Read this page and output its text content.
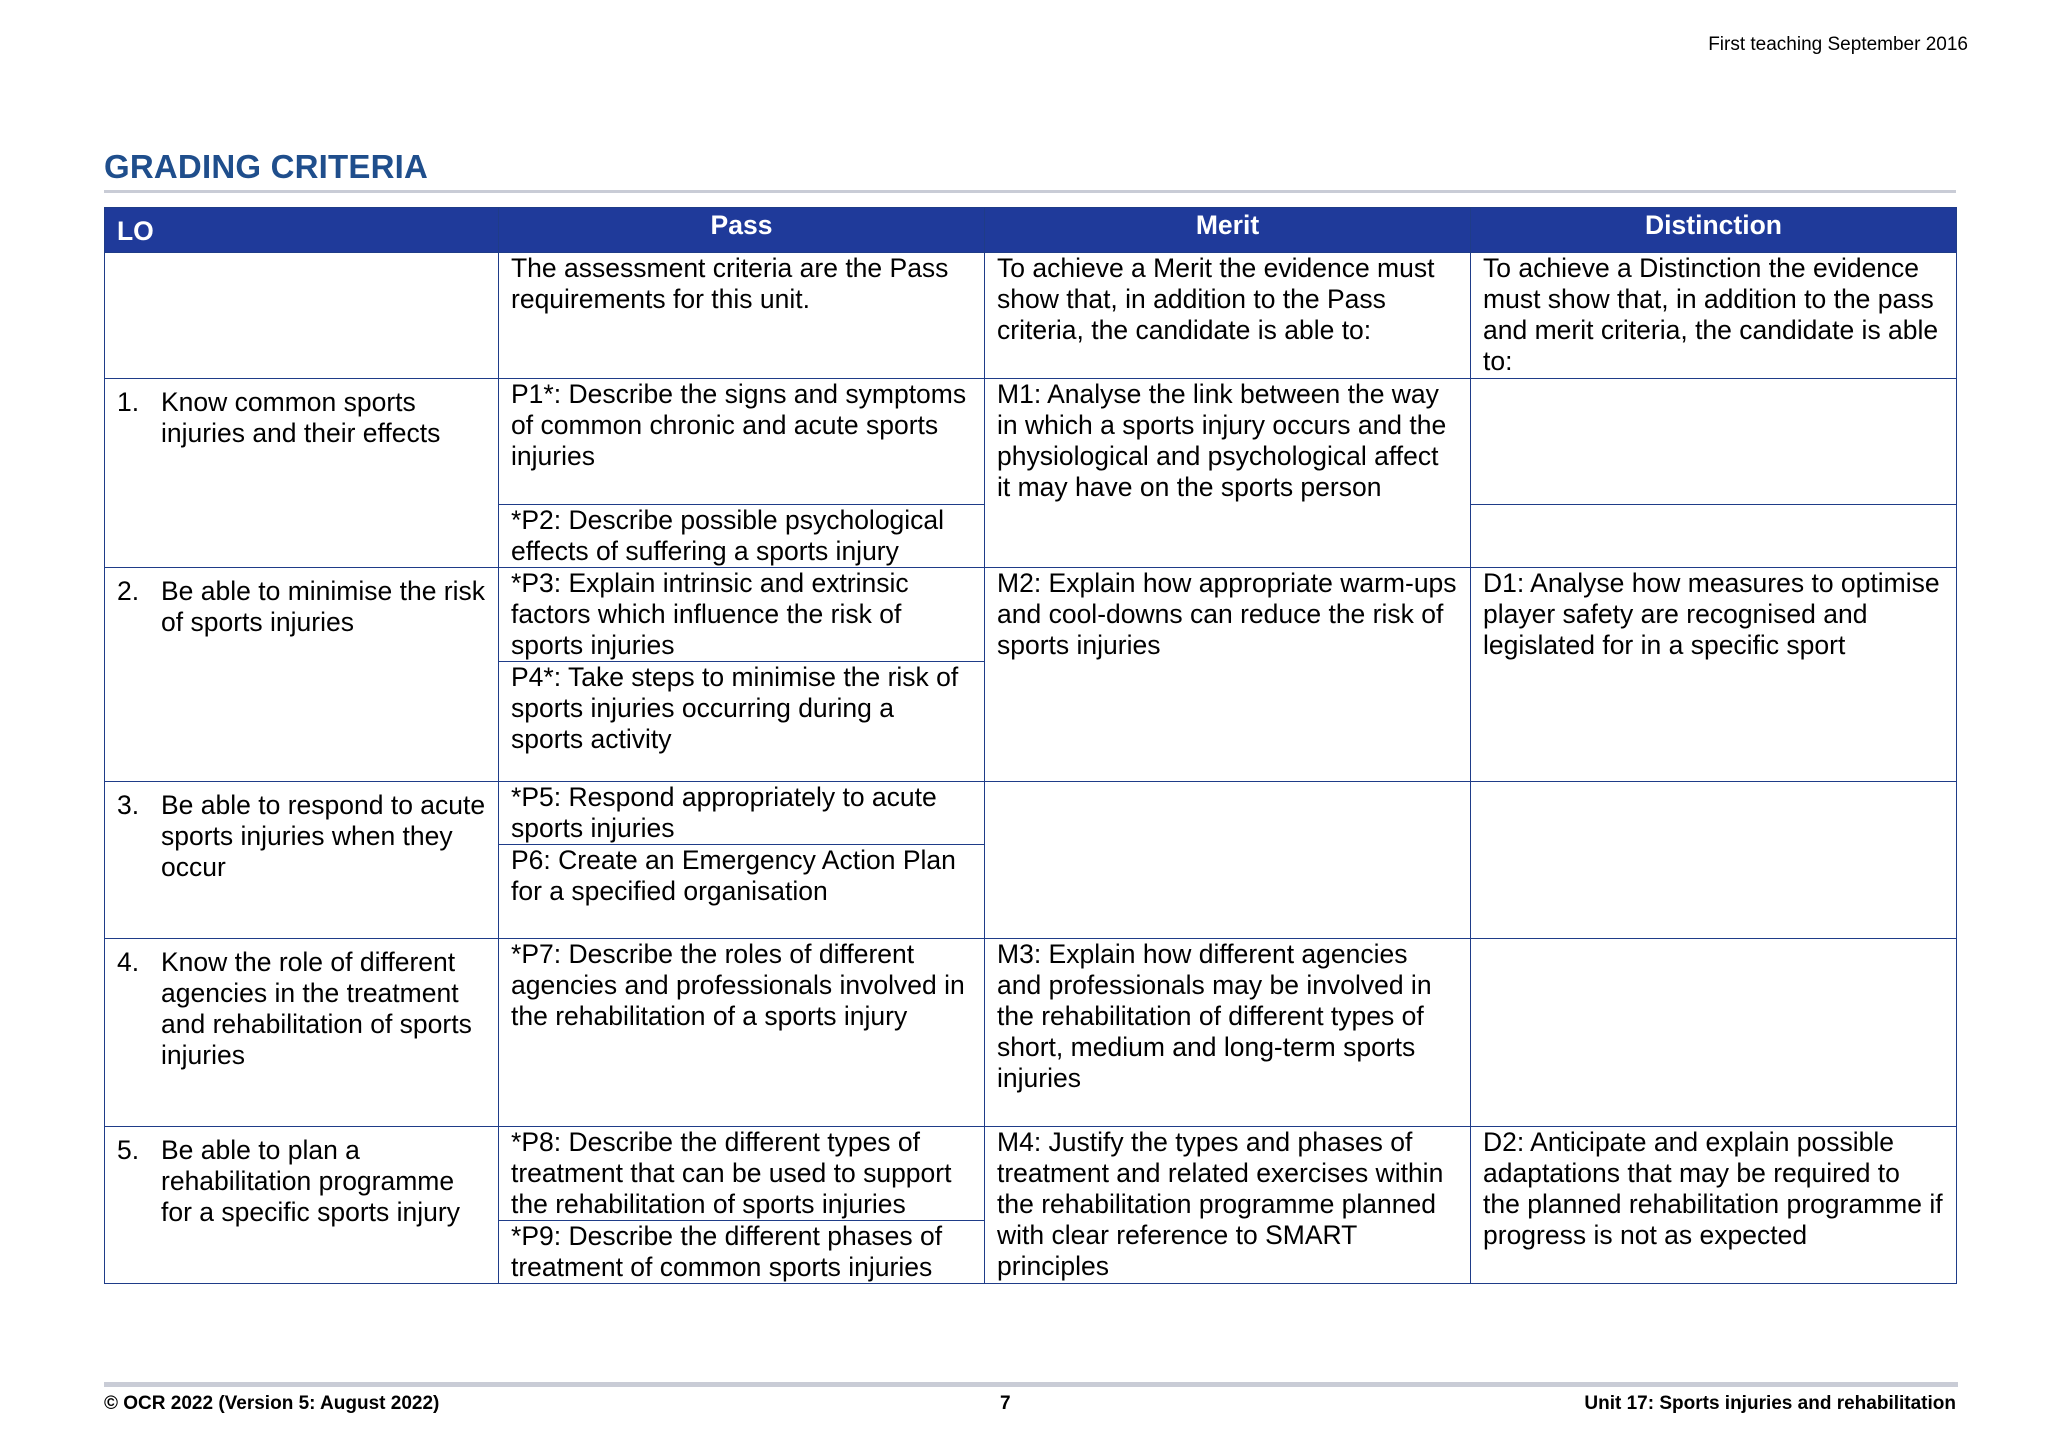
First teaching September 2016
GRADING CRITERIA
LO	Pass	Merit	Distinction

	The assessment criteria are the Pass requirements for this unit.	To achieve a Merit the evidence must show that, in addition to the Pass criteria, the candidate is able to:	To achieve a Distinction the evidence must show that, in addition to the pass and merit criteria, the candidate is able to:

1. Know common sports injuries and their effects	P1*: Describe the signs and symptoms of common chronic and acute sports injuries	M1: Analyse the link between the way in which a sports injury occurs and the physiological and psychological affect it may have on the sports person	

	*P2: Describe possible psychological effects of suffering a sports injury		

2. Be able to minimise the risk of sports injuries	*P3: Explain intrinsic and extrinsic factors which influence the risk of sports injuries	M2: Explain how appropriate warm-ups and cool-downs can reduce the risk of sports injuries	D1: Analyse how measures to optimise player safety are recognised and legislated for in a specific sport

	P4*: Take steps to minimise the risk of sports injuries occurring during a sports activity		

3. Be able to respond to acute sports injuries when they occur	*P5: Respond appropriately to acute sports injuries		

	P6: Create an Emergency Action Plan for a specified organisation		

4. Know the role of different agencies in the treatment and rehabilitation of sports injuries	*P7: Describe the roles of different agencies and professionals involved in the rehabilitation of a sports injury	M3: Explain how different agencies and professionals may be involved in the rehabilitation of different types of short, medium and long-term sports injuries	

5. Be able to plan a rehabilitation programme for a specific sports injury	*P8: Describe the different types of treatment that can be used to support the rehabilitation of sports injuries	M4: Justify the types and phases of treatment and related exercises within the rehabilitation programme planned with clear reference to SMART principles	D2: Anticipate and explain possible adaptations that may be required to the planned rehabilitation programme if progress is not as expected

	*P9: Describe the different phases of treatment of common sports injuries		
© OCR 2022 (Version 5: August 2022)	7	Unit 17: Sports injuries and rehabilitation
